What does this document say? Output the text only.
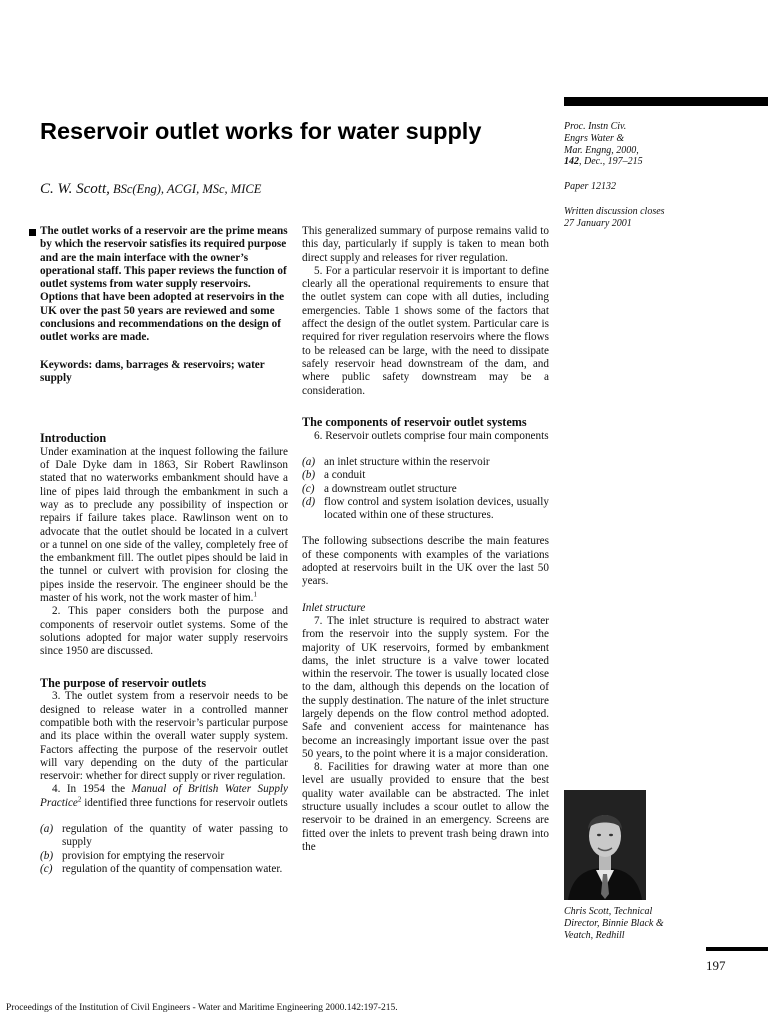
Reservoir outlet works for water supply
C. W. Scott, BSc(Eng), ACGI, MSc, MICE
Proc. Instn Civ.
Engrs Water &
Mar. Engng, 2000,
142, Dec., 197–215
Paper 12132
Written discussion closes 27 January 2001

The outlet works of a reservoir are the prime means by which the reservoir satisfies its required purpose and are the main interface with the owner’s operational staff. This paper reviews the function of outlet systems from water supply reservoirs. Options that have been adopted at reservoirs in the UK over the past 50 years are reviewed and some conclusions and recommendations on the design of outlet works are made.

Keywords: dams, barrages & reservoirs; water supply

Introduction

Under examination at the inquest following the failure of Dale Dyke dam in 1863, Sir Robert Rawlinson stated that no waterworks embankment should have a line of pipes laid through the embankment in such a way as to preclude any possibility of inspection or repairs if failure takes place. Rawlinson went on to advocate that the outlet should be located in a culvert or a tunnel on one side of the valley, completely free of the embankment fill. The outlet pipes should be laid in the tunnel or culvert with provision for closing the pipes inside the reservoir. The engineer should be the master of his work, not the work master of him.$^1$

2. This paper considers both the purpose and components of reservoir outlet systems. Some of the solutions adopted for major water supply reservoirs since 1950 are discussed.

The purpose of reservoir outlets

3. The outlet system from a reservoir needs to be designed to release water in a controlled manner compatible both with the reservoir’s particular purpose and its place within the overall water supply system. Factors affecting the purpose of the reservoir outlet will vary depending on the duty of the particular reservoir: whether for direct supply or river regulation.

4. In 1954 the Manual of British Water Supply Practice$^2$ identified three functions for reservoir outlets

(a) regulation of the quantity of water passing to supply
(b) provision for emptying the reservoir
(c) regulation of the quantity of compensation water.

This generalized summary of purpose remains valid to this day, particularly if supply is taken to mean both direct supply and releases for river regulation.

5. For a particular reservoir it is important to define clearly all the operational requirements to ensure that the outlet system can cope with all duties, including emergencies. Table 1 shows some of the factors that affect the design of the outlet system. Particular care is required for river regulation reservoirs where the flows to be released can be large, with the need to dissipate safely reservoir head downstream of the dam, and where public safety downstream may be a consideration.

The components of reservoir outlet systems

6. Reservoir outlets comprise four main components

(a) an inlet structure within the reservoir
(b) a conduit
(c) a downstream outlet structure
(d) flow control and system isolation devices, usually located within one of these structures.

The following subsections describe the main features of these components with examples of the variations adopted at reservoirs built in the UK over the last 50 years.

Inlet structure

7. The inlet structure is required to abstract water from the reservoir into the supply system. For the majority of UK reservoirs, formed by embankment dams, the inlet structure is a valve tower located within the reservoir. The tower is usually located close to the dam, although this depends on the location of the supply destination. The nature of the inlet structure largely depends on the flow control method adopted. Safe and convenient access for maintenance has become an increasingly important issue over the past 50 years, to the point where it is a major consideration.

8. Facilities for drawing water at more than one level are usually provided to ensure that the best quality water available can be abstracted. The inlet structure usually includes a scour outlet to allow the reservoir to be drained in an emergency. Screens are fitted over the inlets to prevent trash being drawn into the

Chris Scott, Technical Director, Binnie Black & Veatch, Redhill
197
Proceedings of the Institution of Civil Engineers - Water and Maritime Engineering 2000.142:197-215.
